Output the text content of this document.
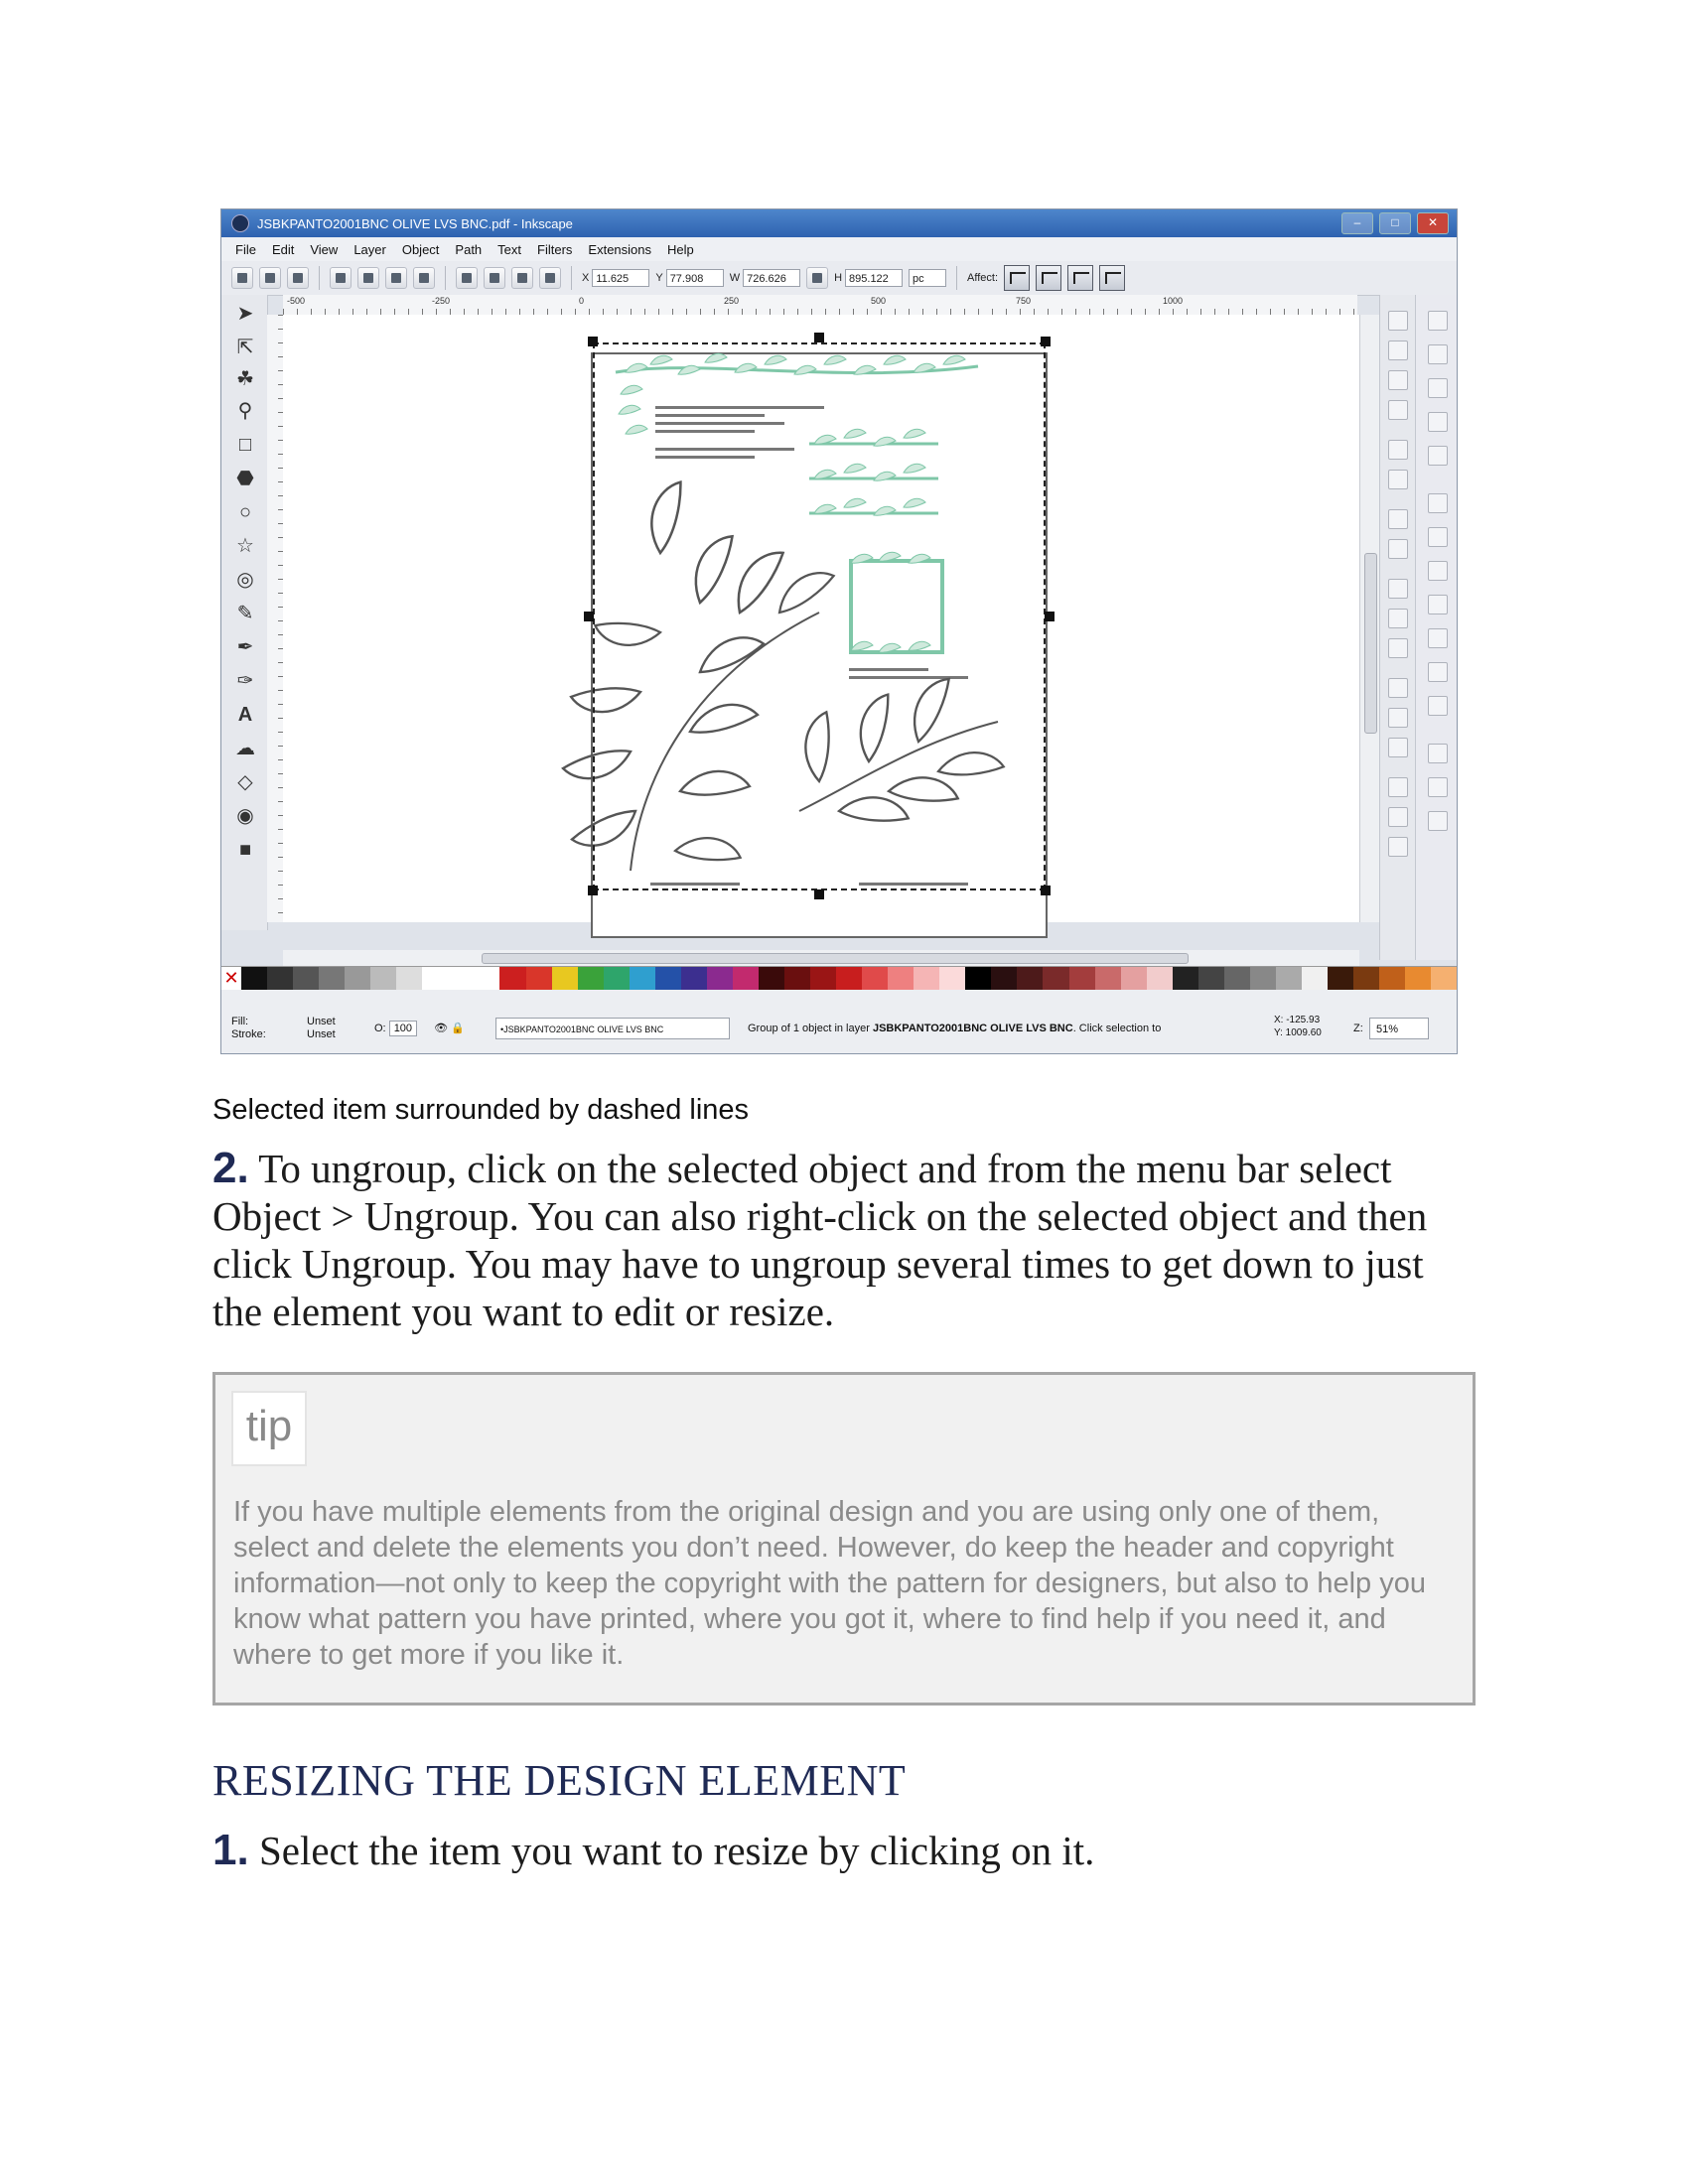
JSBKPANTO2001BNC OLIVE LVS BNC.pdf - Inkscape	–	□	✕
File Edit View Layer Object Path Text Filters Extensions Help
X 11.625	Y 77.908	W 726.626	H 895.122	pc	Affect:
➤
⇱
☘
⚲
□
⬣
○
☆
◎
✎
✒
✑
A
☁
◇
◉
■
-500	-250	0	250	500	750	1000
✕
Fill:
Stroke:
Unset
Unset	O: 100 👁 🔒	•JSBKPANTO2001BNC OLIVE LVS BNC	Group of 1 object in layer JSBKPANTO2001BNC OLIVE LVS BNC. Click selection to
X: -125.93
Y: 1009.60	Z:	51%
Selected item surrounded by dashed lines
2. To ungroup, click on the selected object and from the menu bar select Object > Ungroup. You can also right-click on the selected object and then click Ungroup. You may have to ungroup several times to get down to just the element you want to edit or resize.
tip
If you have multiple elements from the original design and you are using only one of them, select and delete the elements you don’t need. However, do keep the header and copyright information—not only to keep the copyright with the pattern for designers, but also to help you know what pattern you have printed, where you got it, where to find help if you need it, and where to get more if you like it.
RESIZING THE DESIGN ELEMENT
1. Select the item you want to resize by clicking on it.
